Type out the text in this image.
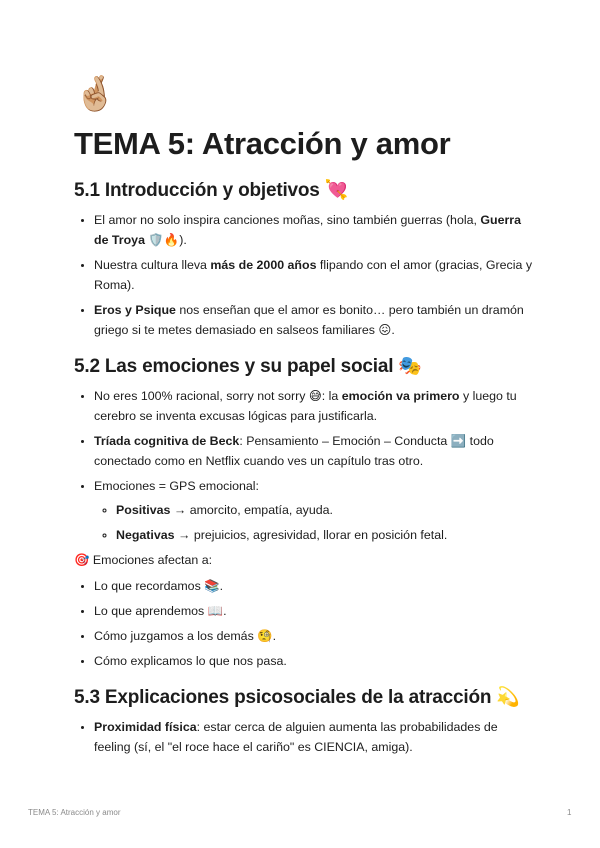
🤞🏼
TEMA 5: Atracción y amor
5.1 Introducción y objetivos 💘
• El amor no solo inspira canciones moñas, sino también guerras (hola, Guerra de Troya 🛡️🔥).
• Nuestra cultura lleva más de 2000 años flipando con el amor (gracias, Grecia y Roma).
• Eros y Psique nos enseñan que el amor es bonito… pero también un dramón griego si te metes demasiado en salseos familiares 😖.
5.2 Las emociones y su papel social 🎭
• No eres 100% racional, sorry not sorry 😅: la emoción va primero y luego tu cerebro se inventa excusas lógicas para justificarla.
• Tríada cognitiva de Beck: Pensamiento – Emoción – Conducta ➡️ todo conectado como en Netflix cuando ves un capítulo tras otro.
• Emociones = GPS emocional:
◦ Positivas → amorcito, empatía, ayuda.
◦ Negativas → prejuicios, agresividad, llorar en posición fetal.

🎯 Emociones afectan a:

• Lo que recordamos 📚.
• Lo que aprendemos 📖.
• Cómo juzgamos a los demás 🧐.
• Cómo explicamos lo que nos pasa.
5.3 Explicaciones psicosociales de la atracción 💫
• Proximidad física: estar cerca de alguien aumenta las probabilidades de feeling (sí, el "el roce hace el cariño" es CIENCIA, amiga).
TEMA 5: Atracción y amor	1
